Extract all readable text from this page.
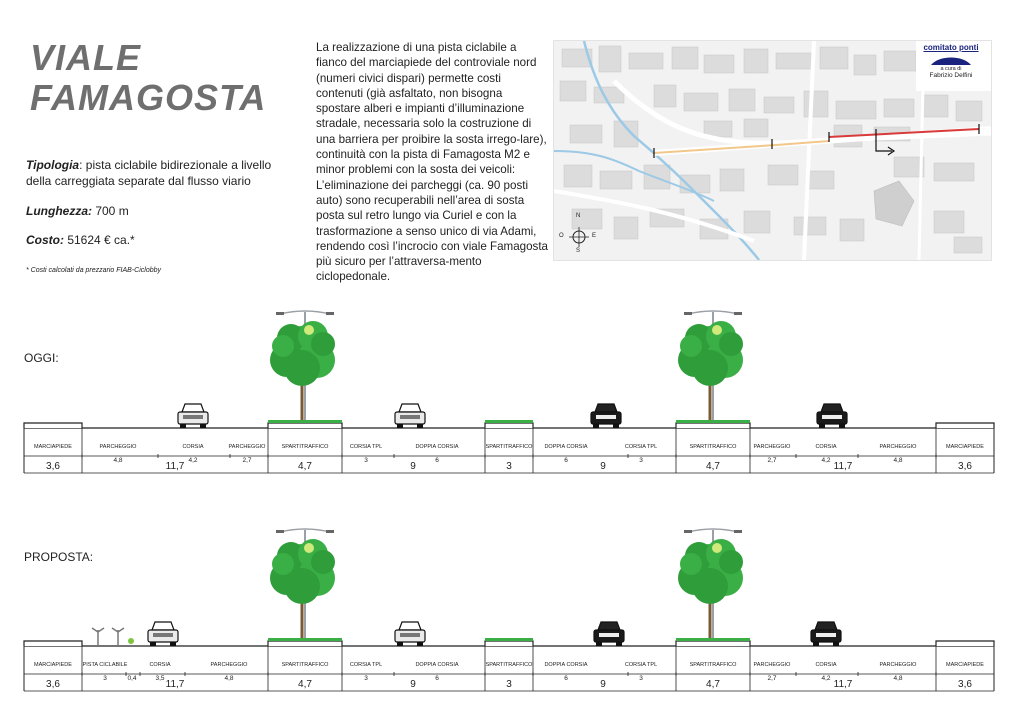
VIALE
FAMAGOSTA
Tipologia: pista ciclabile bidirezionale a livello della carreggiata separate dal flusso viario
Lunghezza: 700 m
Costo: 51624 € ca.*
* Costi calcolati da prezzario FIAB-Ciclobby
La realizzazione di una pista ciclabile a fianco del marciapiede del controviale nord (numeri civici dispari) permette costi contenuti (già asfaltato, non bisogna spostare alberi e impianti d’illuminazione stradale, necessaria solo la costruzione di una barriera per proibire la sosta irrego-lare), continuità con la pista di Famagosta M2 e minor problemi con la sosta dei veicoli: L’eliminazione dei parcheggi (ca. 90 posti auto) sono recuperabili nell’area di sosta posta sul retro lungo via Curiel e con la trasformazione a senso unico di via Adami, rendendo così l’incrocio con viale Famagosta più sicuro per l’attraversa-mento ciclopedonale.
N
S
E
O
comitato ponti
a cura di
Fabrizio Delfini
OGGI:
PROPOSTA:
MARCIAPIEDE	PARCHEGGIO
4,8
CORSIA
4,2
PARCHEGGIO
2,7
SPARTITRAFFICO	CORSIA TPL
3
DOPPIA CORSIA
6
SPARTITRAFFICO DOPPIA CORSIA
6
CORSIA TPL
3
SPARTITRAFFICO	PARCHEGGIO
2,7
CORSIA
4,2
PARCHEGGIO
4,8
MARCIAPIEDE
3,6	11,7	4,7	9	3	9	4,7	11,7	3,6
MARCIAPIEDE PISTA CICLABILE
3	0,4
CORSIA
3,5
PARCHEGGIO
4,8
SPARTITRAFFICO	CORSIA TPL
3
DOPPIA CORSIA
6
SPARTITRAFFICO DOPPIA CORSIA
6
CORSIA TPL
3
SPARTITRAFFICO	PARCHEGGIO
2,7
CORSIA
4,2
PARCHEGGIO
4,8
MARCIAPIEDE
3,6	11,7	4,7	9	3	9	4,7	11,7	3,6
